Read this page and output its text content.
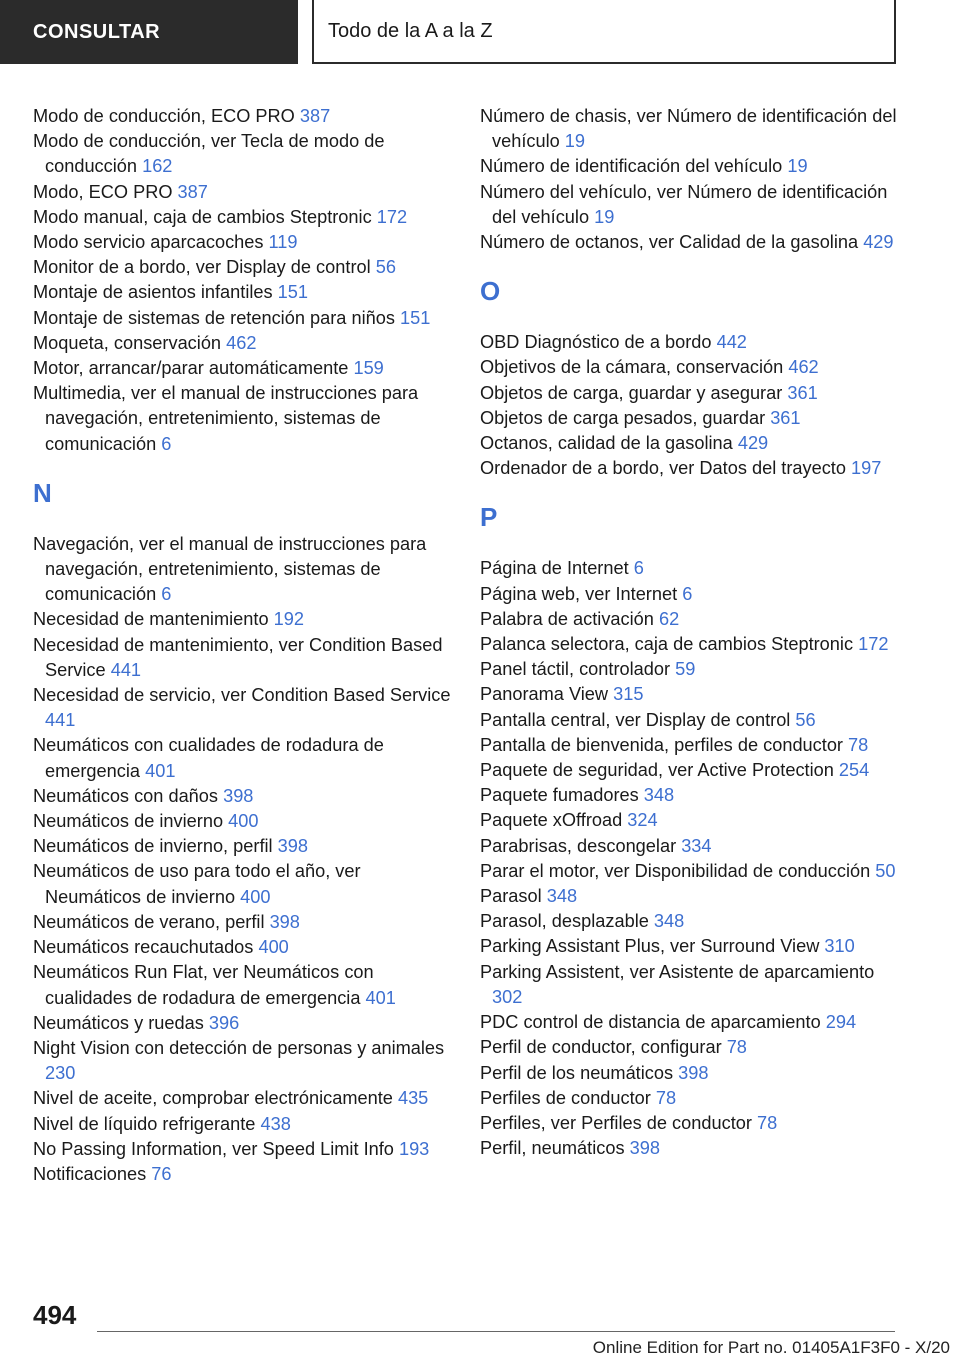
CONSULTAR	Todo de la A a la Z

Modo de conducción, ECO PRO 387

Modo de conducción, ver Tecla de modo de conducción 162

Modo, ECO PRO 387

Modo manual, caja de cambios Steptronic 172

Modo servicio aparcacoches 119

Monitor de a bordo, ver Display de control 56

Montaje de asientos infantiles 151

Montaje de sistemas de retención para niños 151

Moqueta, conservación 462

Motor, arrancar/parar automáticamente 159

Multimedia, ver el manual de instrucciones para navegación, entretenimiento, sistemas de comunicación 6

N

Navegación, ver el manual de instrucciones para navegación, entretenimiento, sistemas de comunicación 6

Necesidad de mantenimiento 192

Necesidad de mantenimiento, ver Condition Based Service 441

Necesidad de servicio, ver Condition Based Service 441

Neumáticos con cualidades de rodadura de emergencia 401

Neumáticos con daños 398

Neumáticos de invierno 400

Neumáticos de invierno, perfil 398

Neumáticos de uso para todo el año, ver Neumáticos de invierno 400

Neumáticos de verano, perfil 398

Neumáticos recauchutados 400

Neumáticos Run Flat, ver Neumáticos con cualidades de rodadura de emergencia 401

Neumáticos y ruedas 396

Night Vision con detección de personas y animales 230

Nivel de aceite, comprobar electrónicamente 435

Nivel de líquido refrigerante 438

No Passing Information, ver Speed Limit Info 193

Notificaciones 76

Número de chasis, ver Número de identificación del vehículo 19

Número de identificación del vehículo 19

Número del vehículo, ver Número de identificación del vehículo 19

Número de octanos, ver Calidad de la gasolina 429

O

OBD Diagnóstico de a bordo 442

Objetivos de la cámara, conservación 462

Objetos de carga, guardar y asegurar 361

Objetos de carga pesados, guardar 361

Octanos, calidad de la gasolina 429

Ordenador de a bordo, ver Datos del trayecto 197

P

Página de Internet 6

Página web, ver Internet 6

Palabra de activación 62

Palanca selectora, caja de cambios Steptronic 172

Panel táctil, controlador 59

Panorama View 315

Pantalla central, ver Display de control 56

Pantalla de bienvenida, perfiles de conductor 78

Paquete de seguridad, ver Active Protection 254

Paquete fumadores 348

Paquete xOffroad 324

Parabrisas, descongelar 334

Parar el motor, ver Disponibilidad de conducción 50

Parasol 348

Parasol, desplazable 348

Parking Assistant Plus, ver Surround View 310

Parking Assistent, ver Asistente de aparcamiento 302

PDC control de distancia de aparcamiento 294

Perfil de conductor, configurar 78

Perfil de los neumáticos 398

Perfiles de conductor 78

Perfiles, ver Perfiles de conductor 78

Perfil, neumáticos 398

494
Online Edition for Part no. 01405A1F3F0 - X/20
